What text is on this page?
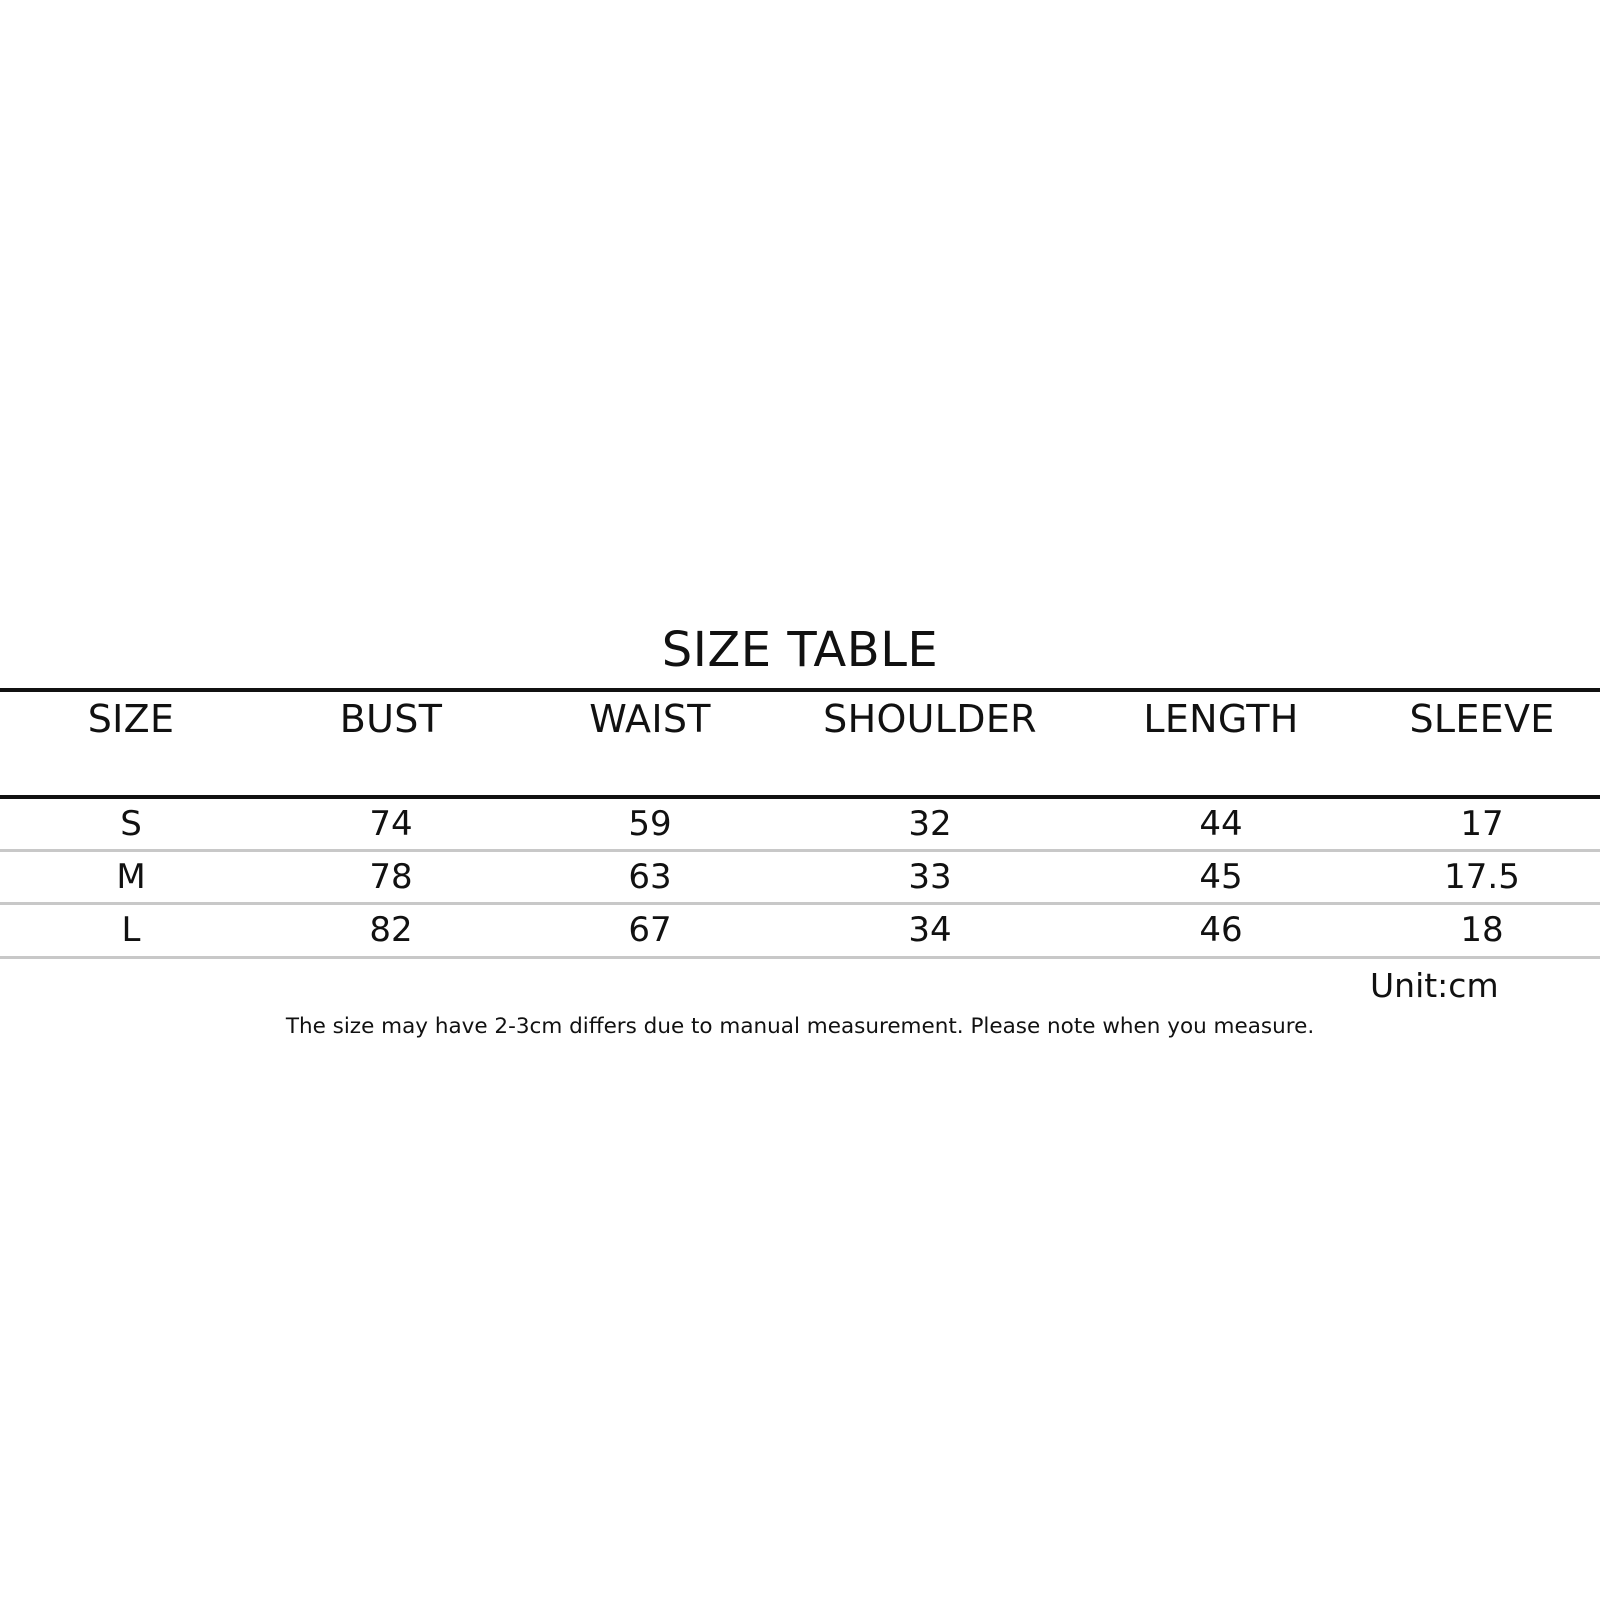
SIZE TABLE
SIZE	BUST	WAIST	SHOULDER	LENGTH	SLEEVE
S	74	59	32	44	17
M	78	63	33	45	17.5
L	82	67	34	46	18
Unit:cm
The size may have 2-3cm differs due to manual measurement. Please note when you measure.
